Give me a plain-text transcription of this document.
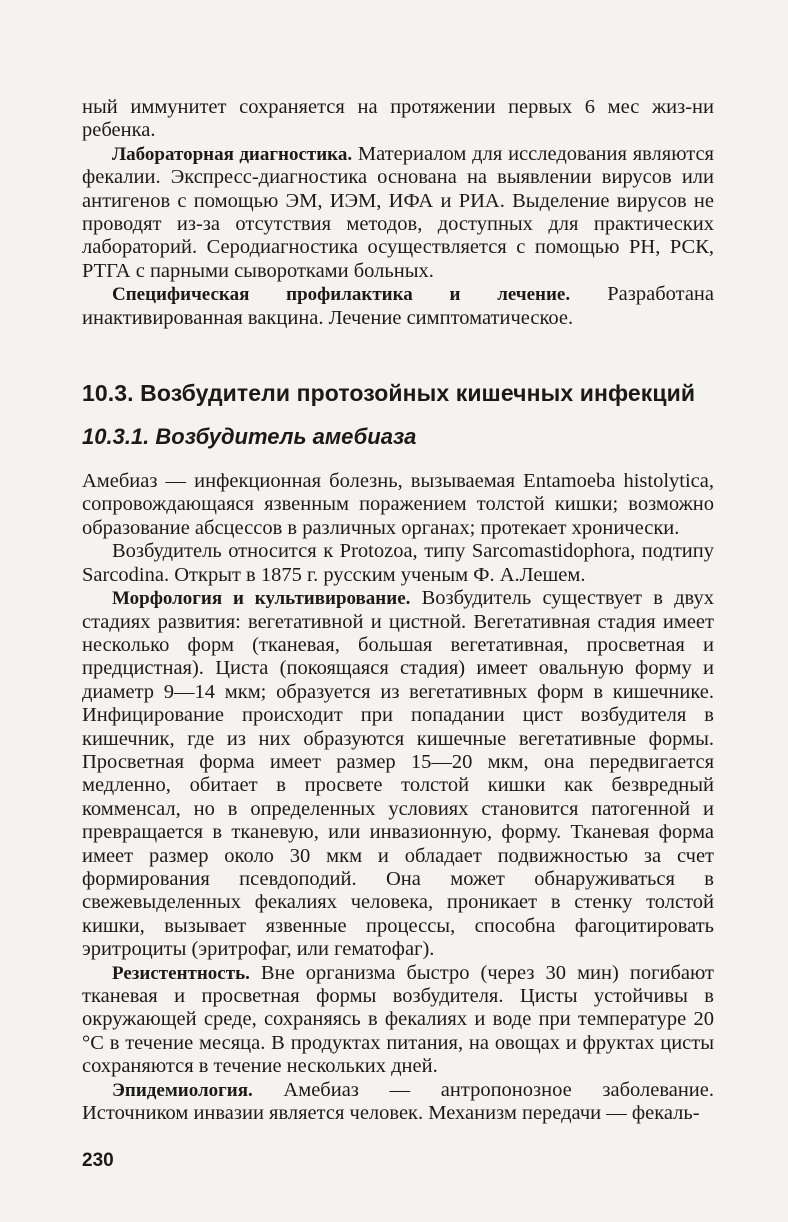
ный иммунитет сохраняется на протяжении первых 6 мес жиз-ни ребенка.

Лабораторная диагностика. Материалом для исследования являются фекалии. Экспресс-диагностика основана на выявлении вирусов или антигенов с помощью ЭМ, ИЭМ, ИФА и РИА. Выделение вирусов не проводят из-за отсутствия методов, доступных для практических лабораторий. Серодиагностика осуществляется с помощью РН, РСК, РТГА с парными сыворотками больных.

Специфическая профилактика и лечение. Разработана инактивированная вакцина. Лечение симптоматическое.

10.3. Возбудители протозойных кишечных инфекций
10.3.1. Возбудитель амебиаза

Амебиаз — инфекционная болезнь, вызываемая Entamoeba histolytica, сопровождающаяся язвенным поражением толстой кишки; возможно образование абсцессов в различных органах; протекает хронически.

Возбудитель относится к Protozoa, типу Sarcomastidophora, подтипу Sarcodina. Открыт в 1875 г. русским ученым Ф. А.Лешем.

Морфология и культивирование. Возбудитель существует в двух стадиях развития: вегетативной и цистной. Вегетативная стадия имеет несколько форм (тканевая, большая вегетативная, просветная и предцистная). Циста (покоящаяся стадия) имеет овальную форму и диаметр 9—14 мкм; образуется из вегетативных форм в кишечнике. Инфицирование происходит при попадании цист возбудителя в кишечник, где из них образуются кишечные вегетативные формы. Просветная форма имеет размер 15—20 мкм, она передвигается медленно, обитает в просвете толстой кишки как безвредный комменсал, но в определенных условиях становится патогенной и превращается в тканевую, или инвазионную, форму. Тканевая форма имеет размер около 30 мкм и обладает подвижностью за счет формирования псевдоподий. Она может обнаруживаться в свежевыделенных фекалиях человека, проникает в стенку толстой кишки, вызывает язвенные процессы, способна фагоцитировать эритроциты (эритрофаг, или гематофаг).

Резистентность. Вне организма быстро (через 30 мин) погибают тканевая и просветная формы возбудителя. Цисты устойчивы в окружающей среде, сохраняясь в фекалиях и воде при температуре 20 °С в течение месяца. В продуктах питания, на овощах и фруктах цисты сохраняются в течение нескольких дней.

Эпидемиология. Амебиаз — антропонозное заболевание. Источником инвазии является человек. Механизм передачи — фекаль-

230
